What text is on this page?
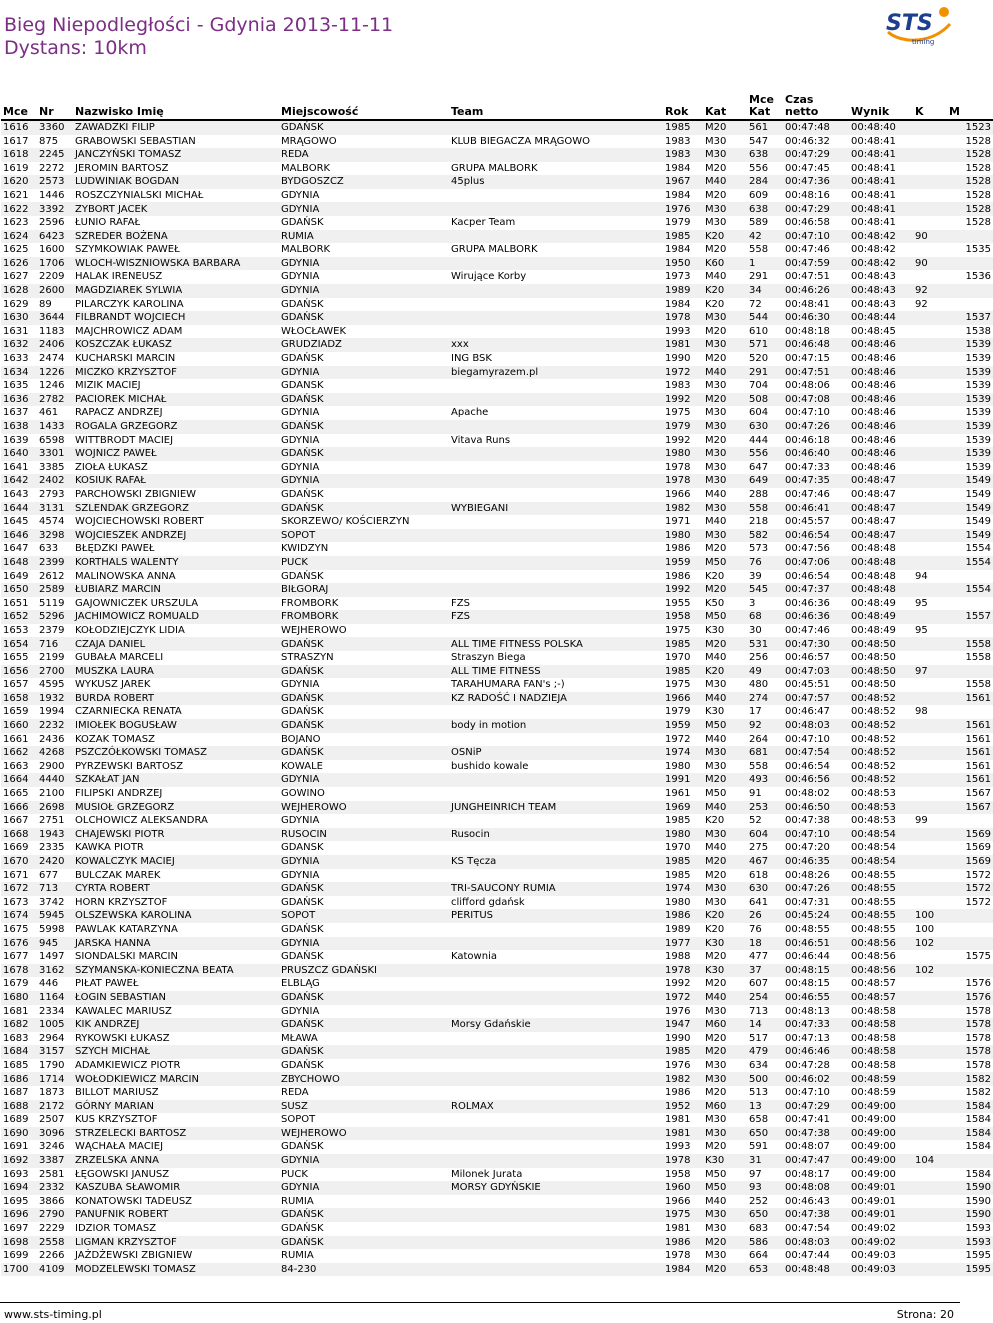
Bieg Niepodległości - Gdynia 2013-11-11
Dystans: 10km
STS
timing
Mce	Nr	Nazwisko Imię	Miejscowość	Team	Rok	Kat	Mce Kat	Czas netto	Wynik	K	M
1616	3360	ZAWADZKI FILIP	GDAŃSK		1985	M20	561	00:47:48	00:48:40		1523
1617	875	GRABOWSKI SEBASTIAN	MRĄGOWO	KLUB BIEGACZA MRĄGOWO	1983	M30	547	00:46:32	00:48:41		1528
1618	2245	JANCZYŃSKI TOMASZ	REDA		1983	M30	638	00:47:29	00:48:41		1528
1619	2272	JEROMIN BARTOSZ	MALBORK	GRUPA MALBORK	1984	M20	556	00:47:45	00:48:41		1528
1620	2573	LUDWINIAK BOGDAN	BYDGOSZCZ	45plus	1967	M40	284	00:47:36	00:48:41		1528
1621	1446	ROSZCZYNIALSKI MICHAŁ	GDYNIA		1984	M20	609	00:48:16	00:48:41		1528
1622	3392	ZYBORT JACEK	GDYNIA		1976	M30	638	00:47:29	00:48:41		1528
1623	2596	ŁUNIO RAFAŁ	GDAŃSK	Kacper Team	1979	M30	589	00:46:58	00:48:41		1528
1624	6423	SZREDER BOŻENA	RUMIA		1985	K20	42	00:47:10	00:48:42	90	
1625	1600	SZYMKOWIAK PAWEŁ	MALBORK	GRUPA MALBORK	1984	M20	558	00:47:46	00:48:42		1535
1626	1706	WLOCH-WISZNIOWSKA BARBARA	GDYNIA		1950	K60	1	00:47:59	00:48:42	90	
1627	2209	HALAK IRENEUSZ	GDYNIA	Wirujące Korby	1973	M40	291	00:47:51	00:48:43		1536
1628	2600	MAGDZIAREK SYLWIA	GDYNIA		1989	K20	34	00:46:26	00:48:43	92	
1629	89	PILARCZYK KAROLINA	GDAŃSK		1984	K20	72	00:48:41	00:48:43	92	
1630	3644	FILBRANDT WOJCIECH	GDAŃSK		1978	M30	544	00:46:30	00:48:44		1537
1631	1183	MAJCHROWICZ ADAM	WŁOCŁAWEK		1993	M20	610	00:48:18	00:48:45		1538
1632	2406	KOSZCZAK ŁUKASZ	GRUDZIADZ	xxx	1981	M30	571	00:46:48	00:48:46		1539
1633	2474	KUCHARSKI MARCIN	GDAŃSK	ING BSK	1990	M20	520	00:47:15	00:48:46		1539
1634	1226	MICZKO KRZYSZTOF	GDYNIA	biegamyrazem.pl	1972	M40	291	00:47:51	00:48:46		1539
1635	1246	MIZIK MACIEJ	GDANSK		1983	M30	704	00:48:06	00:48:46		1539
1636	2782	PACIOREK MICHAŁ	GDAŃSK		1992	M20	508	00:47:08	00:48:46		1539
1637	461	RAPACZ ANDRZEJ	GDYNIA	Apache	1975	M30	604	00:47:10	00:48:46		1539
1638	1433	ROGALA GRZEGORZ	GDAŃSK		1979	M30	630	00:47:26	00:48:46		1539
1639	6598	WITTBRODT MACIEJ	GDYNIA	Vitava Runs	1992	M20	444	00:46:18	00:48:46		1539
1640	3301	WOJNICZ PAWEŁ	GDAŃSK		1980	M30	556	00:46:40	00:48:46		1539
1641	3385	ZIOŁA ŁUKASZ	GDYNIA		1978	M30	647	00:47:33	00:48:46		1539
1642	2402	KOSIUK RAFAŁ	GDYNIA		1978	M30	649	00:47:35	00:48:47		1549
1643	2793	PARCHOWSKI ZBIGNIEW	GDAŃSK		1966	M40	288	00:47:46	00:48:47		1549
1644	3131	SZLENDAK GRZEGORZ	GDAŃSK	WYBIEGANI	1982	M30	558	00:46:41	00:48:47		1549
1645	4574	WOJCIECHOWSKI ROBERT	SKORZEWO/ KOŚCIERZYN		1971	M40	218	00:45:57	00:48:47		1549
1646	3298	WOJCIESZEK ANDRZEJ	SOPOT		1980	M30	582	00:46:54	00:48:47		1549
1647	633	BŁĘDZKI PAWEŁ	KWIDZYN		1986	M20	573	00:47:56	00:48:48		1554
1648	2399	KORTHALS WALENTY	PUCK		1959	M50	76	00:47:06	00:48:48		1554
1649	2612	MALINOWSKA ANNA	GDAŃSK		1986	K20	39	00:46:54	00:48:48	94	
1650	2589	ŁUBIARZ MARCIN	BIŁGORAJ		1992	M20	545	00:47:37	00:48:48		1554
1651	5119	GAJOWNICZEK URSZULA	FROMBORK	FZS	1955	K50	3	00:46:36	00:48:49	95	
1652	5296	JACHIMOWICZ ROMUALD	FROMBORK	FZS	1958	M50	68	00:46:36	00:48:49		1557
1653	2379	KOŁODZIEJCZYK LIDIA	WEJHEROWO		1975	K30	30	00:47:46	00:48:49	95	
1654	716	CZAJA DANIEL	GDAŃSK	ALL TIME FITNESS POLSKA	1985	M20	531	00:47:30	00:48:50		1558
1655	2199	GUBAŁA MARCELI	STRASZYN	Straszyn Biega	1970	M40	256	00:46:57	00:48:50		1558
1656	2700	MUSZKA LAURA	GDAŃSK	ALL TIME FITNESS	1985	K20	49	00:47:03	00:48:50	97	
1657	4595	WYKUSZ JAREK	GDYNIA	TARAHUMARA FAN's ;-)	1975	M30	480	00:45:51	00:48:50		1558
1658	1932	BURDA ROBERT	GDAŃSK	KZ RADOŚĆ I NADZIEJA	1966	M40	274	00:47:57	00:48:52		1561
1659	1994	CZARNIECKA RENATA	GDAŃSK		1979	K30	17	00:46:47	00:48:52	98	
1660	2232	IMIOŁEK BOGUSŁAW	GDAŃSK	body in motion	1959	M50	92	00:48:03	00:48:52		1561
1661	2436	KOZAK TOMASZ	BOJANO		1972	M40	264	00:47:10	00:48:52		1561
1662	4268	PSZCZÓŁKOWSKI TOMASZ	GDAŃSK	OSNiP	1974	M30	681	00:47:54	00:48:52		1561
1663	2900	PYRZEWSKI BARTOSZ	KOWALE	bushido kowale	1980	M30	558	00:46:54	00:48:52		1561
1664	4440	SZKAŁAT JAN	GDYNIA		1991	M20	493	00:46:56	00:48:52		1561
1665	2100	FILIPSKI ANDRZEJ	GOWINO		1961	M50	91	00:48:02	00:48:53		1567
1666	2698	MUSIOŁ GRZEGORZ	WEJHEROWO	JUNGHEINRICH TEAM	1969	M40	253	00:46:50	00:48:53		1567
1667	2751	OLCHOWICZ ALEKSANDRA	GDYNIA		1985	K20	52	00:47:38	00:48:53	99	
1668	1943	CHAJEWSKI PIOTR	RUSOCIN	Rusocin	1980	M30	604	00:47:10	00:48:54		1569
1669	2335	KAWKA PIOTR	GDANSK		1970	M40	275	00:47:20	00:48:54		1569
1670	2420	KOWALCZYK MACIEJ	GDYNIA	KS Tęcza	1985	M20	467	00:46:35	00:48:54		1569
1671	677	BULCZAK MAREK	GDYNIA		1985	M20	618	00:48:26	00:48:55		1572
1672	713	CYRTA ROBERT	GDAŃSK	TRI-SAUCONY RUMIA	1974	M30	630	00:47:26	00:48:55		1572
1673	3742	HORN KRZYSZTOF	GDAŃSK	clifford gdańsk	1980	M30	641	00:47:31	00:48:55		1572
1674	5945	OLSZEWSKA KAROLINA	SOPOT	PERITUS	1986	K20	26	00:45:24	00:48:55	100	
1675	5998	PAWLAK KATARZYNA	GDAŃSK		1989	K20	76	00:48:55	00:48:55	100	
1676	945	JARSKA HANNA	GDYNIA		1977	K30	18	00:46:51	00:48:56	102	
1677	1497	SIONDALSKI MARCIN	GDAŃSK	Katownia	1988	M20	477	00:46:44	00:48:56		1575
1678	3162	SZYMANSKA-KONIECZNA BEATA	PRUSZCZ GDAŃSKI		1978	K30	37	00:48:15	00:48:56	102	
1679	446	PIŁAT PAWEŁ	ELBLĄG		1992	M20	607	00:48:15	00:48:57		1576
1680	1164	ŁOGIN SEBASTIAN	GDAŃSK		1972	M40	254	00:46:55	00:48:57		1576
1681	2334	KAWALEC MARIUSZ	GDYNIA		1976	M30	713	00:48:13	00:48:58		1578
1682	1005	KIK ANDRZEJ	GDAŃSK	Morsy Gdańskie	1947	M60	14	00:47:33	00:48:58		1578
1683	2964	RYKOWSKI ŁUKASZ	MŁAWA		1990	M20	517	00:47:13	00:48:58		1578
1684	3157	SZYCH MICHAŁ	GDAŃSK		1985	M20	479	00:46:46	00:48:58		1578
1685	1790	ADAMKIEWICZ PIOTR	GDAŃSK		1976	M30	634	00:47:28	00:48:58		1578
1686	1714	WOŁODKIEWICZ MARCIN	ZBYCHOWO		1982	M30	500	00:46:02	00:48:59		1582
1687	1873	BILLOT MARIUSZ	REDA		1986	M20	513	00:47:10	00:48:59		1582
1688	2172	GÓRNY MARIAN	SUSZ	ROLMAX	1952	M60	13	00:47:29	00:49:00		1584
1689	2507	KUS KRZYSZTOF	SOPOT		1981	M30	658	00:47:41	00:49:00		1584
1690	3096	STRZELECKI BARTOSZ	WEJHEROWO		1981	M30	650	00:47:38	00:49:00		1584
1691	3246	WĄCHAŁA MACIEJ	GDAŃSK		1993	M20	591	00:48:07	00:49:00		1584
1692	3387	ZRZELSKA ANNA	GDYNIA		1978	K30	31	00:47:47	00:49:00	104	
1693	2581	ŁĘGOWSKI JANUSZ	PUCK	Milonek Jurata	1958	M50	97	00:48:17	00:49:00		1584
1694	2332	KASZUBA SŁAWOMIR	GDYNIA	MORSY GDYŃSKIE	1960	M50	93	00:48:08	00:49:01		1590
1695	3866	KONATOWSKI TADEUSZ	RUMIA		1966	M40	252	00:46:43	00:49:01		1590
1696	2790	PANUFNIK ROBERT	GDAŃSK		1975	M30	650	00:47:38	00:49:01		1590
1697	2229	IDZIOR TOMASZ	GDAŃSK		1981	M30	683	00:47:54	00:49:02		1593
1698	2558	LIGMAN KRZYSZTOF	GDAŃSK		1986	M20	586	00:48:03	00:49:02		1593
1699	2266	JAŻDŻEWSKI ZBIGNIEW	RUMIA		1978	M30	664	00:47:44	00:49:03		1595
1700	4109	MODZELEWSKI TOMASZ	84-230		1984	M20	653	00:48:48	00:49:03		1595
www.sts-timing.pl	Strona: 20
